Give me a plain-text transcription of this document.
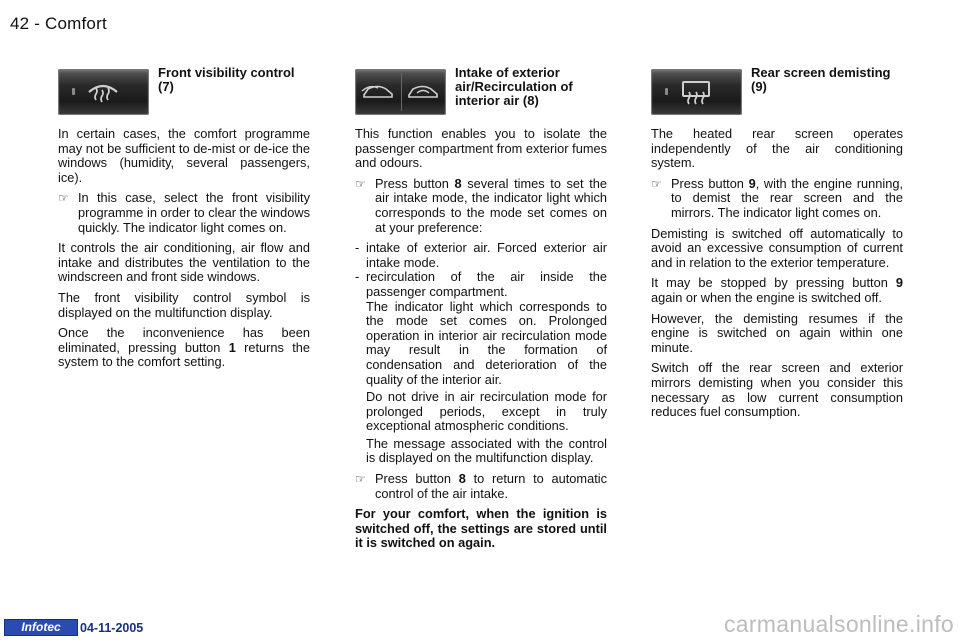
42 - Comfort
Front visibility control (7)

In certain cases, the comfort programme may not be sufficient to de-mist or de-ice the windows (humidity, several passengers, ice).

☞ In this case, select the front visibility programme in order to clear the windows quickly. The indicator light comes on.

It controls the air conditioning, air flow and intake and distributes the ventilation to the windscreen and front side windows.

The front visibility control symbol is displayed on the multifunction display.

Once the inconvenience has been eliminated, pressing button 1 returns the system to the comfort setting.

Intake of exterior air/Recirculation of interior air (8)

This function enables you to isolate the passenger compartment from exterior fumes and odours.

☞ Press button 8 several times to set the air intake mode, the indicator light which corresponds to the mode set comes on at your preference:
- intake of exterior air. Forced exterior air intake mode.
- recirculation of the air inside the passenger compartment.
The indicator light which corresponds to the mode set comes on. Prolonged operation in interior air recirculation mode may result in the formation of condensation and deterioration of the quality of the interior air.
Do not drive in air recirculation mode for prolonged periods, except in truly exceptional atmospheric conditions.
The message associated with the control is displayed on the multifunction display.
☞ Press button 8 to return to automatic control of the air intake.

For your comfort, when the ignition is switched off, the settings are stored until it is switched on again.

Rear screen demisting (9)

The heated rear screen operates independently of the air conditioning system.

☞ Press button 9, with the engine running, to demist the rear screen and the mirrors. The indicator light comes on.

Demisting is switched off automatically to avoid an excessive consumption of current and in relation to the exterior temperature.

It may be stopped by pressing button 9 again or when the engine is switched off.

However, the demisting resumes if the engine is switched on again within one minute.

Switch off the rear screen and exterior mirrors demisting when you consider this necessary as low current consumption reduces fuel consumption.

Infotec	04-11-2005	carmanualsonline.info
